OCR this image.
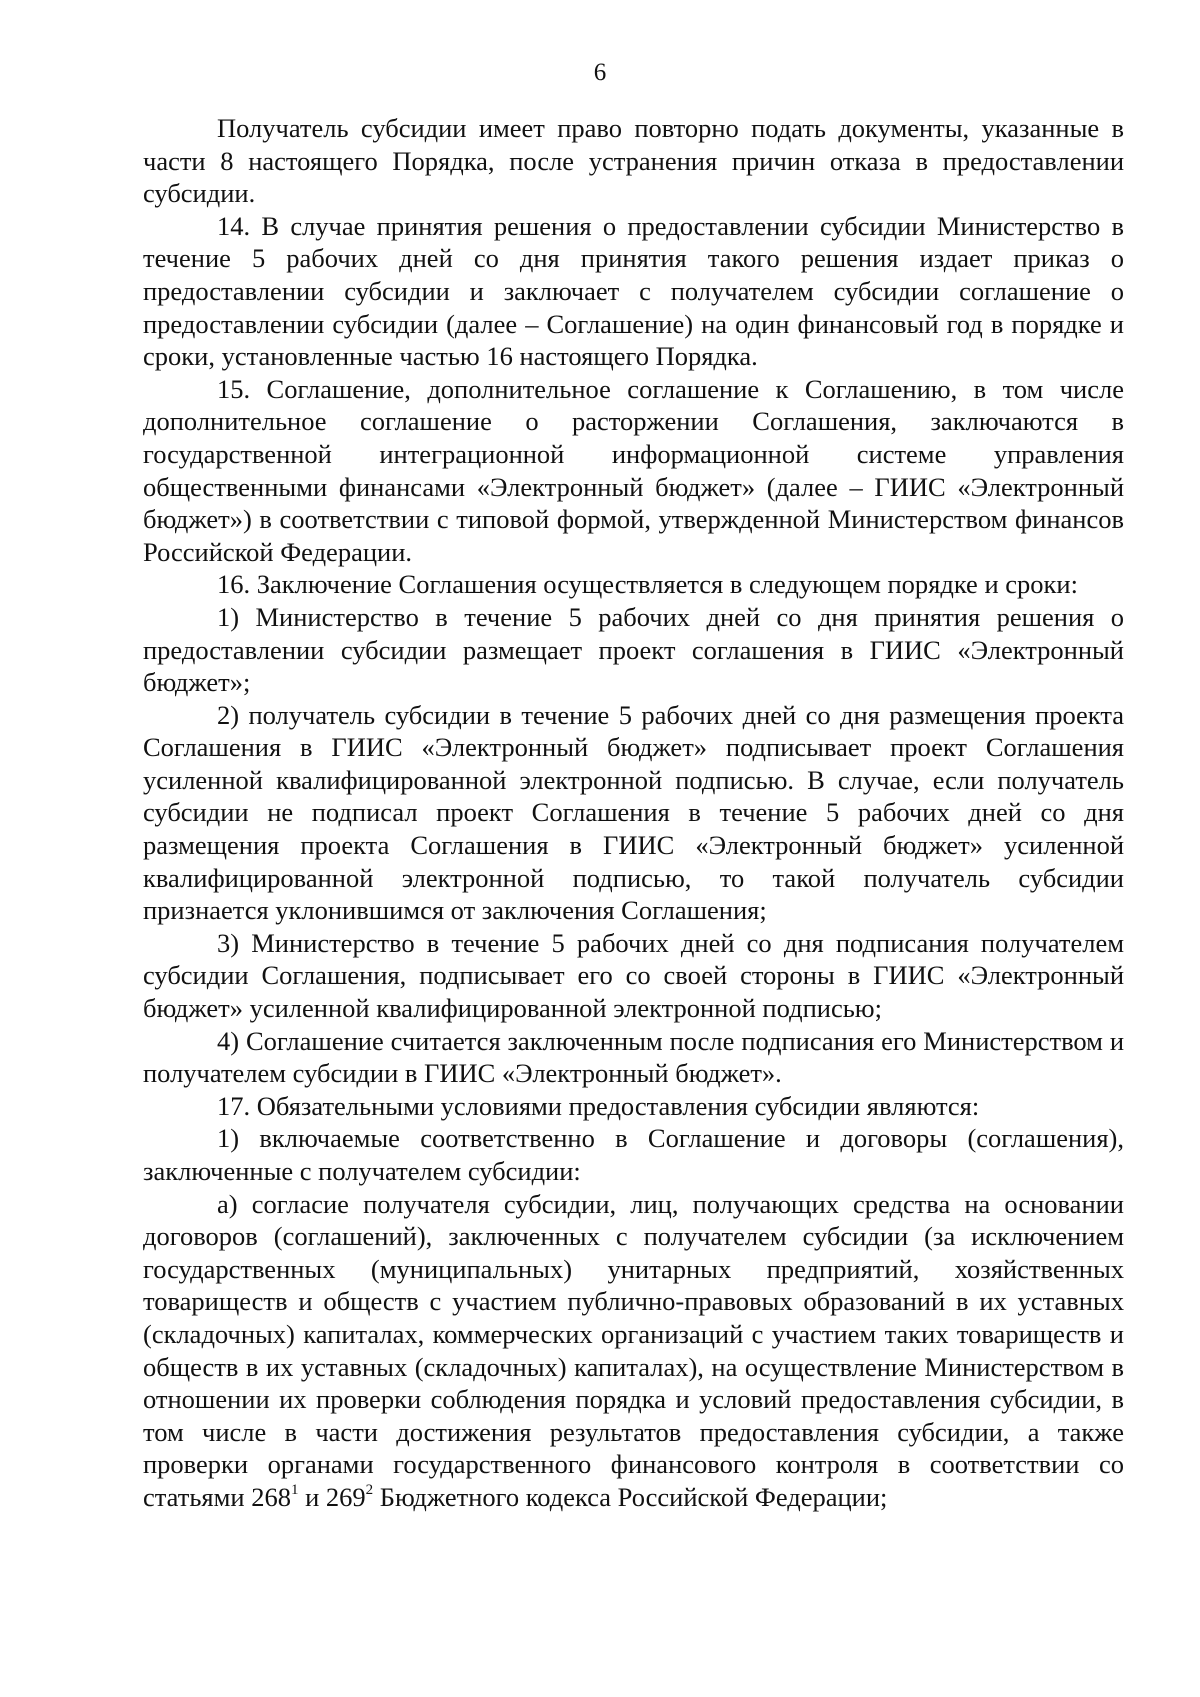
6

Получатель субсидии имеет право повторно подать документы, указанные в части 8 настоящего Порядка, после устранения причин отказа в предоставлении субсидии.

14. В случае принятия решения о предоставлении субсидии Министерство в течение 5 рабочих дней со дня принятия такого решения издает приказ о предоставлении субсидии и заключает с получателем субсидии соглашение о предоставлении субсидии (далее – Соглашение) на один финансовый год в порядке и сроки, установленные частью 16 настоящего Порядка.

15. Соглашение, дополнительное соглашение к Соглашению, в том числе дополнительное соглашение о расторжении Соглашения, заключаются в государственной интеграционной информационной системе управления общественными финансами «Электронный бюджет» (далее – ГИИС «Электронный бюджет») в соответствии с типовой формой, утвержденной Министерством финансов Российской Федерации.

16. Заключение Соглашения осуществляется в следующем порядке и сроки:

1) Министерство в течение 5 рабочих дней со дня принятия решения о предоставлении субсидии размещает проект соглашения в ГИИС «Электронный бюджет»;

2) получатель субсидии в течение 5 рабочих дней со дня размещения проекта Соглашения в ГИИС «Электронный бюджет» подписывает проект Соглашения усиленной квалифицированной электронной подписью. В случае, если получатель субсидии не подписал проект Соглашения в течение 5 рабочих дней со дня размещения проекта Соглашения в ГИИС «Электронный бюджет» усиленной квалифицированной электронной подписью, то такой получатель субсидии признается уклонившимся от заключения Соглашения;

3) Министерство в течение 5 рабочих дней со дня подписания получателем субсидии Соглашения, подписывает его со своей стороны в ГИИС «Электронный бюджет» усиленной квалифицированной электронной подписью;

4) Соглашение считается заключенным после подписания его Министерством и получателем субсидии в ГИИС «Электронный бюджет».

17. Обязательными условиями предоставления субсидии являются:

1) включаемые соответственно в Соглашение и договоры (соглашения), заключенные с получателем субсидии:

а) согласие получателя субсидии, лиц, получающих средства на основании договоров (соглашений), заключенных с получателем субсидии (за исключением государственных (муниципальных) унитарных предприятий, хозяйственных товариществ и обществ с участием публично-правовых образований в их уставных (складочных) капиталах, коммерческих организаций с участием таких товариществ и обществ в их уставных (складочных) капиталах), на осуществление Министерством в отношении их проверки соблюдения порядка и условий предоставления субсидии, в том числе в части достижения результатов предоставления субсидии, а также проверки органами государственного финансового контроля в соответствии со статьями $268^1$ и $269^2$ Бюджетного кодекса Российской Федерации;
